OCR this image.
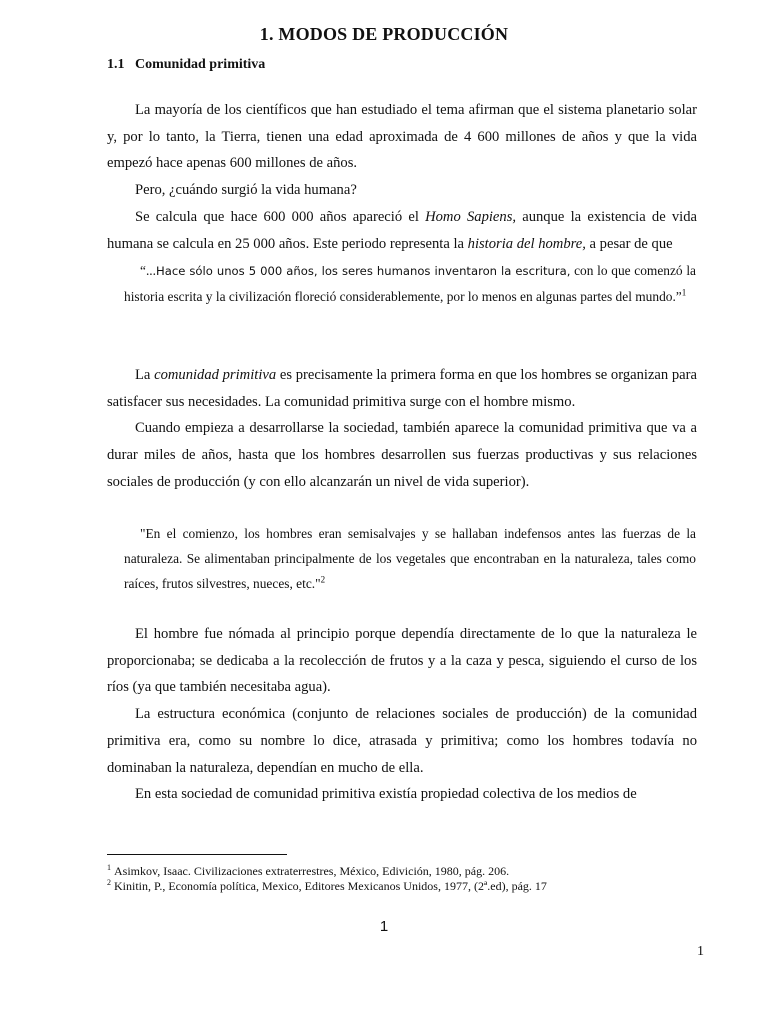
1. MODOS DE PRODUCCIÓN
1.1 Comunidad primitiva

La mayoría de los científicos que han estudiado el tema afirman que el sistema planetario solar y, por lo tanto, la Tierra, tienen una edad aproximada de 4 600 millones de años y que la vida empezó hace apenas 600 millones de años.

Pero, ¿cuándo surgió la vida humana?

Se calcula que hace 600 000 años apareció el Homo Sapiens, aunque la existencia de vida humana se calcula en 25 000 años. Este periodo representa la historia del hombre, a pesar de que

“...Hace sólo unos 5 000 años, los seres humanos inventaron la escritura, con lo que comenzó la historia escrita y la civilización floreció considerablemente, por lo menos en algunas partes del mundo.”$^1$

La comunidad primitiva es precisamente la primera forma en que los hombres se organizan para satisfacer sus necesidades. La comunidad primitiva surge con el hombre mismo.

Cuando empieza a desarrollarse la sociedad, también aparece la comunidad primitiva que va a durar miles de años, hasta que los hombres desarrollen sus fuerzas productivas y sus relaciones sociales de producción (y con ello alcanzarán un nivel de vida superior).

"En el comienzo, los hombres eran semisalvajes y se hallaban indefensos antes las fuerzas de la naturaleza. Se alimentaban principalmente de los vegetales que encontraban en la naturaleza, tales como raíces, frutos silvestres, nueces, etc."$^2$

El hombre fue nómada al principio porque dependía directamente de lo que la naturaleza le proporcionaba; se dedicaba a la recolección de frutos y a la caza y pesca, siguiendo el curso de los ríos (ya que también necesitaba agua).

La estructura económica (conjunto de relaciones sociales de producción) de la comunidad primitiva era, como su nombre lo dice, atrasada y primitiva; como los hombres todavía no dominaban la naturaleza, dependían en mucho de ella.

En esta sociedad de comunidad primitiva existía propiedad colectiva de los medios de

$^1$ Asimkov, Isaac. Civilizaciones extraterrestres, México, Edivición, 1980, pág. 206.
$^2$ Kinitin, P., Economía política, Mexico, Editores Mexicanos Unidos, 1977, (2ª.ed), pág. 17
1
1
